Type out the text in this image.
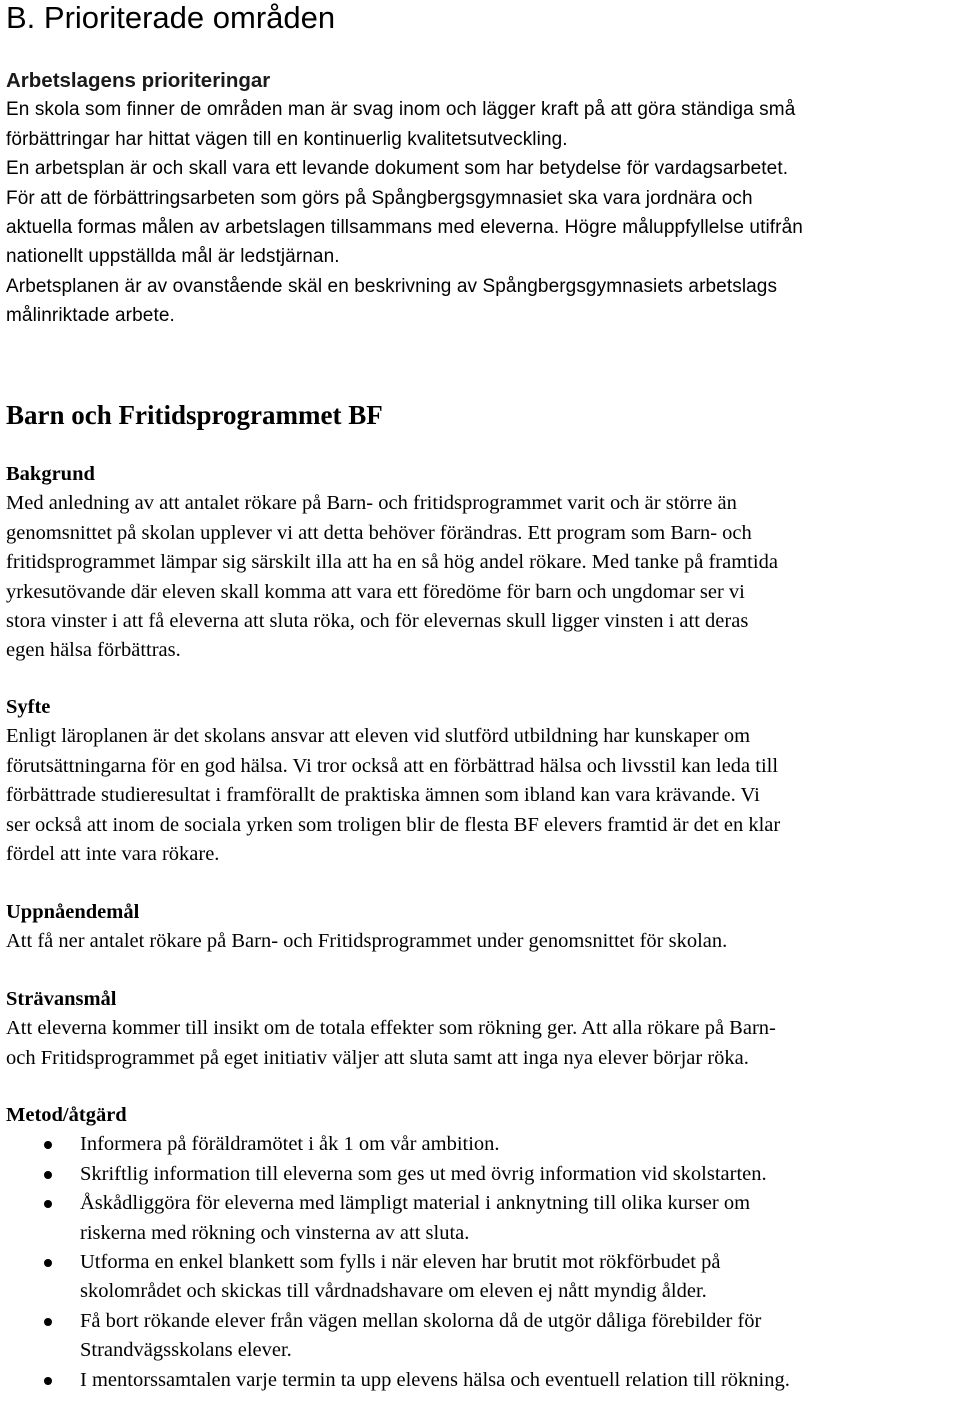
B. Prioriterade områden
Arbetslagens prioriteringar
En skola som finner de områden man är svag inom och lägger kraft på att göra ständiga små
förbättringar har hittat vägen till en kontinuerlig kvalitetsutveckling.
En arbetsplan är och skall vara ett levande dokument som har betydelse för vardagsarbetet.
För att de förbättringsarbeten som görs på Spångbergsgymnasiet ska vara jordnära och
aktuella formas målen av arbetslagen tillsammans med eleverna. Högre måluppfyllelse utifrån
nationellt uppställda mål är ledstjärnan.
Arbetsplanen är av ovanstående skäl en beskrivning av Spångbergsgymnasiets arbetslags
målinriktade arbete.
Barn och Fritidsprogrammet BF
Bakgrund
Med anledning av att antalet rökare på Barn- och fritidsprogrammet varit och är större än
genomsnittet på skolan upplever vi att detta behöver förändras. Ett program som Barn- och
fritidsprogrammet lämpar sig särskilt illa att ha en så hög andel rökare. Med tanke på framtida
yrkesutövande där eleven skall komma att vara ett föredöme för barn och ungdomar ser vi
stora vinster i att få eleverna att sluta röka, och för elevernas skull ligger vinsten i att deras
egen hälsa förbättras.
Syfte
Enligt läroplanen är det skolans ansvar att eleven vid slutförd utbildning har kunskaper om
förutsättningarna för en god hälsa. Vi tror också att en förbättrad hälsa och livsstil kan leda till
förbättrade studieresultat i framförallt de praktiska ämnen som ibland kan vara krävande. Vi
ser också att inom de sociala yrken som troligen blir de flesta BF elevers framtid är det en klar
fördel att inte vara rökare.
Uppnåendemål
Att få ner antalet rökare på Barn- och Fritidsprogrammet under genomsnittet för skolan.
Strävansmål
Att eleverna kommer till insikt om de totala effekter som rökning ger. Att alla rökare på Barn-
och Fritidsprogrammet på eget initiativ väljer att sluta samt att inga nya elever börjar röka.
Metod/åtgärd
Informera på föräldramötet i åk 1 om vår ambition.
Skriftlig information till eleverna som ges ut med övrig information vid skolstarten.
Åskådliggöra för eleverna med lämpligt material i anknytning till olika kurser om
riskerna med rökning och vinsterna av att sluta.
Utforma en enkel blankett som fylls i när eleven har brutit mot rökförbudet på
skolområdet och skickas till vårdnadshavare om eleven ej nått myndig ålder.
Få bort rökande elever från vägen mellan skolorna då de utgör dåliga förebilder för
Strandvägsskolans elever.
I mentorssamtalen varje termin ta upp elevens hälsa och eventuell relation till rökning.
